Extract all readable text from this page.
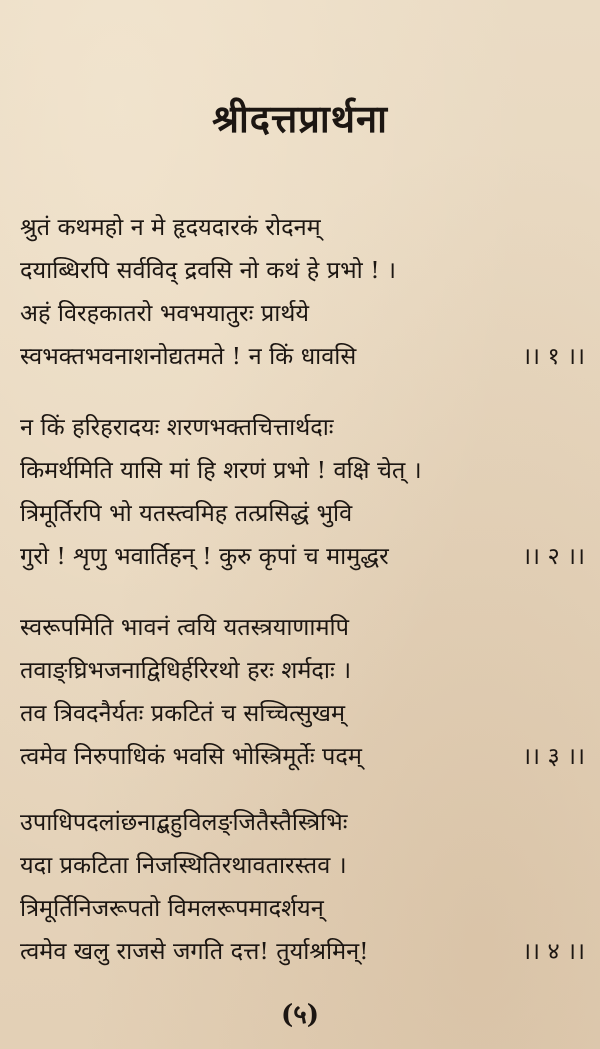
श्रीदत्तप्रार्थना
श्रुतं कथमहो न मे हृदयदारकं रोदनम्
दयाब्धिरपि सर्वविद् द्रवसि नो कथं हे प्रभो ! ।
अहं विरहकातरो भवभयातुरः प्रार्थये
स्वभक्तभवनाशनोद्यतमते ! न किं धावसि	।। १ ।।
न किं हरिहरादयः शरणभक्तचित्तार्थदाः
किमर्थमिति यासि मां हि शरणं प्रभो ! वक्षि चेत् ।
त्रिमूर्तिरपि भो यतस्त्वमिह तत्प्रसिद्धं भुवि
गुरो ! शृणु भवार्तिहन् ! कुरु कृपां च मामुद्धर	।। २ ।।
स्वरूपमिति भावनं त्वयि यतस्त्रयाणामपि
तवाङ्घ्रिभजनाद्विधिर्हरिरथो हरः शर्मदाः ।
तव त्रिवदनैर्यतः प्रकटितं च सच्चित्सुखम्
त्वमेव निरुपाधिकं भवसि भोस्त्रिमूर्तेः पदम्	।। ३ ।।
उपाधिपदलांछनाद्बहुविलङ्जितैस्तैस्त्रिभिः
यदा प्रकटिता निजस्थितिरथावतारस्तव ।
त्रिमूर्तिनिजरूपतो विमलरूपमादर्शयन्
त्वमेव खलु राजसे जगति दत्त! तुर्याश्रमिन्!	।। ४ ।।
(५)
